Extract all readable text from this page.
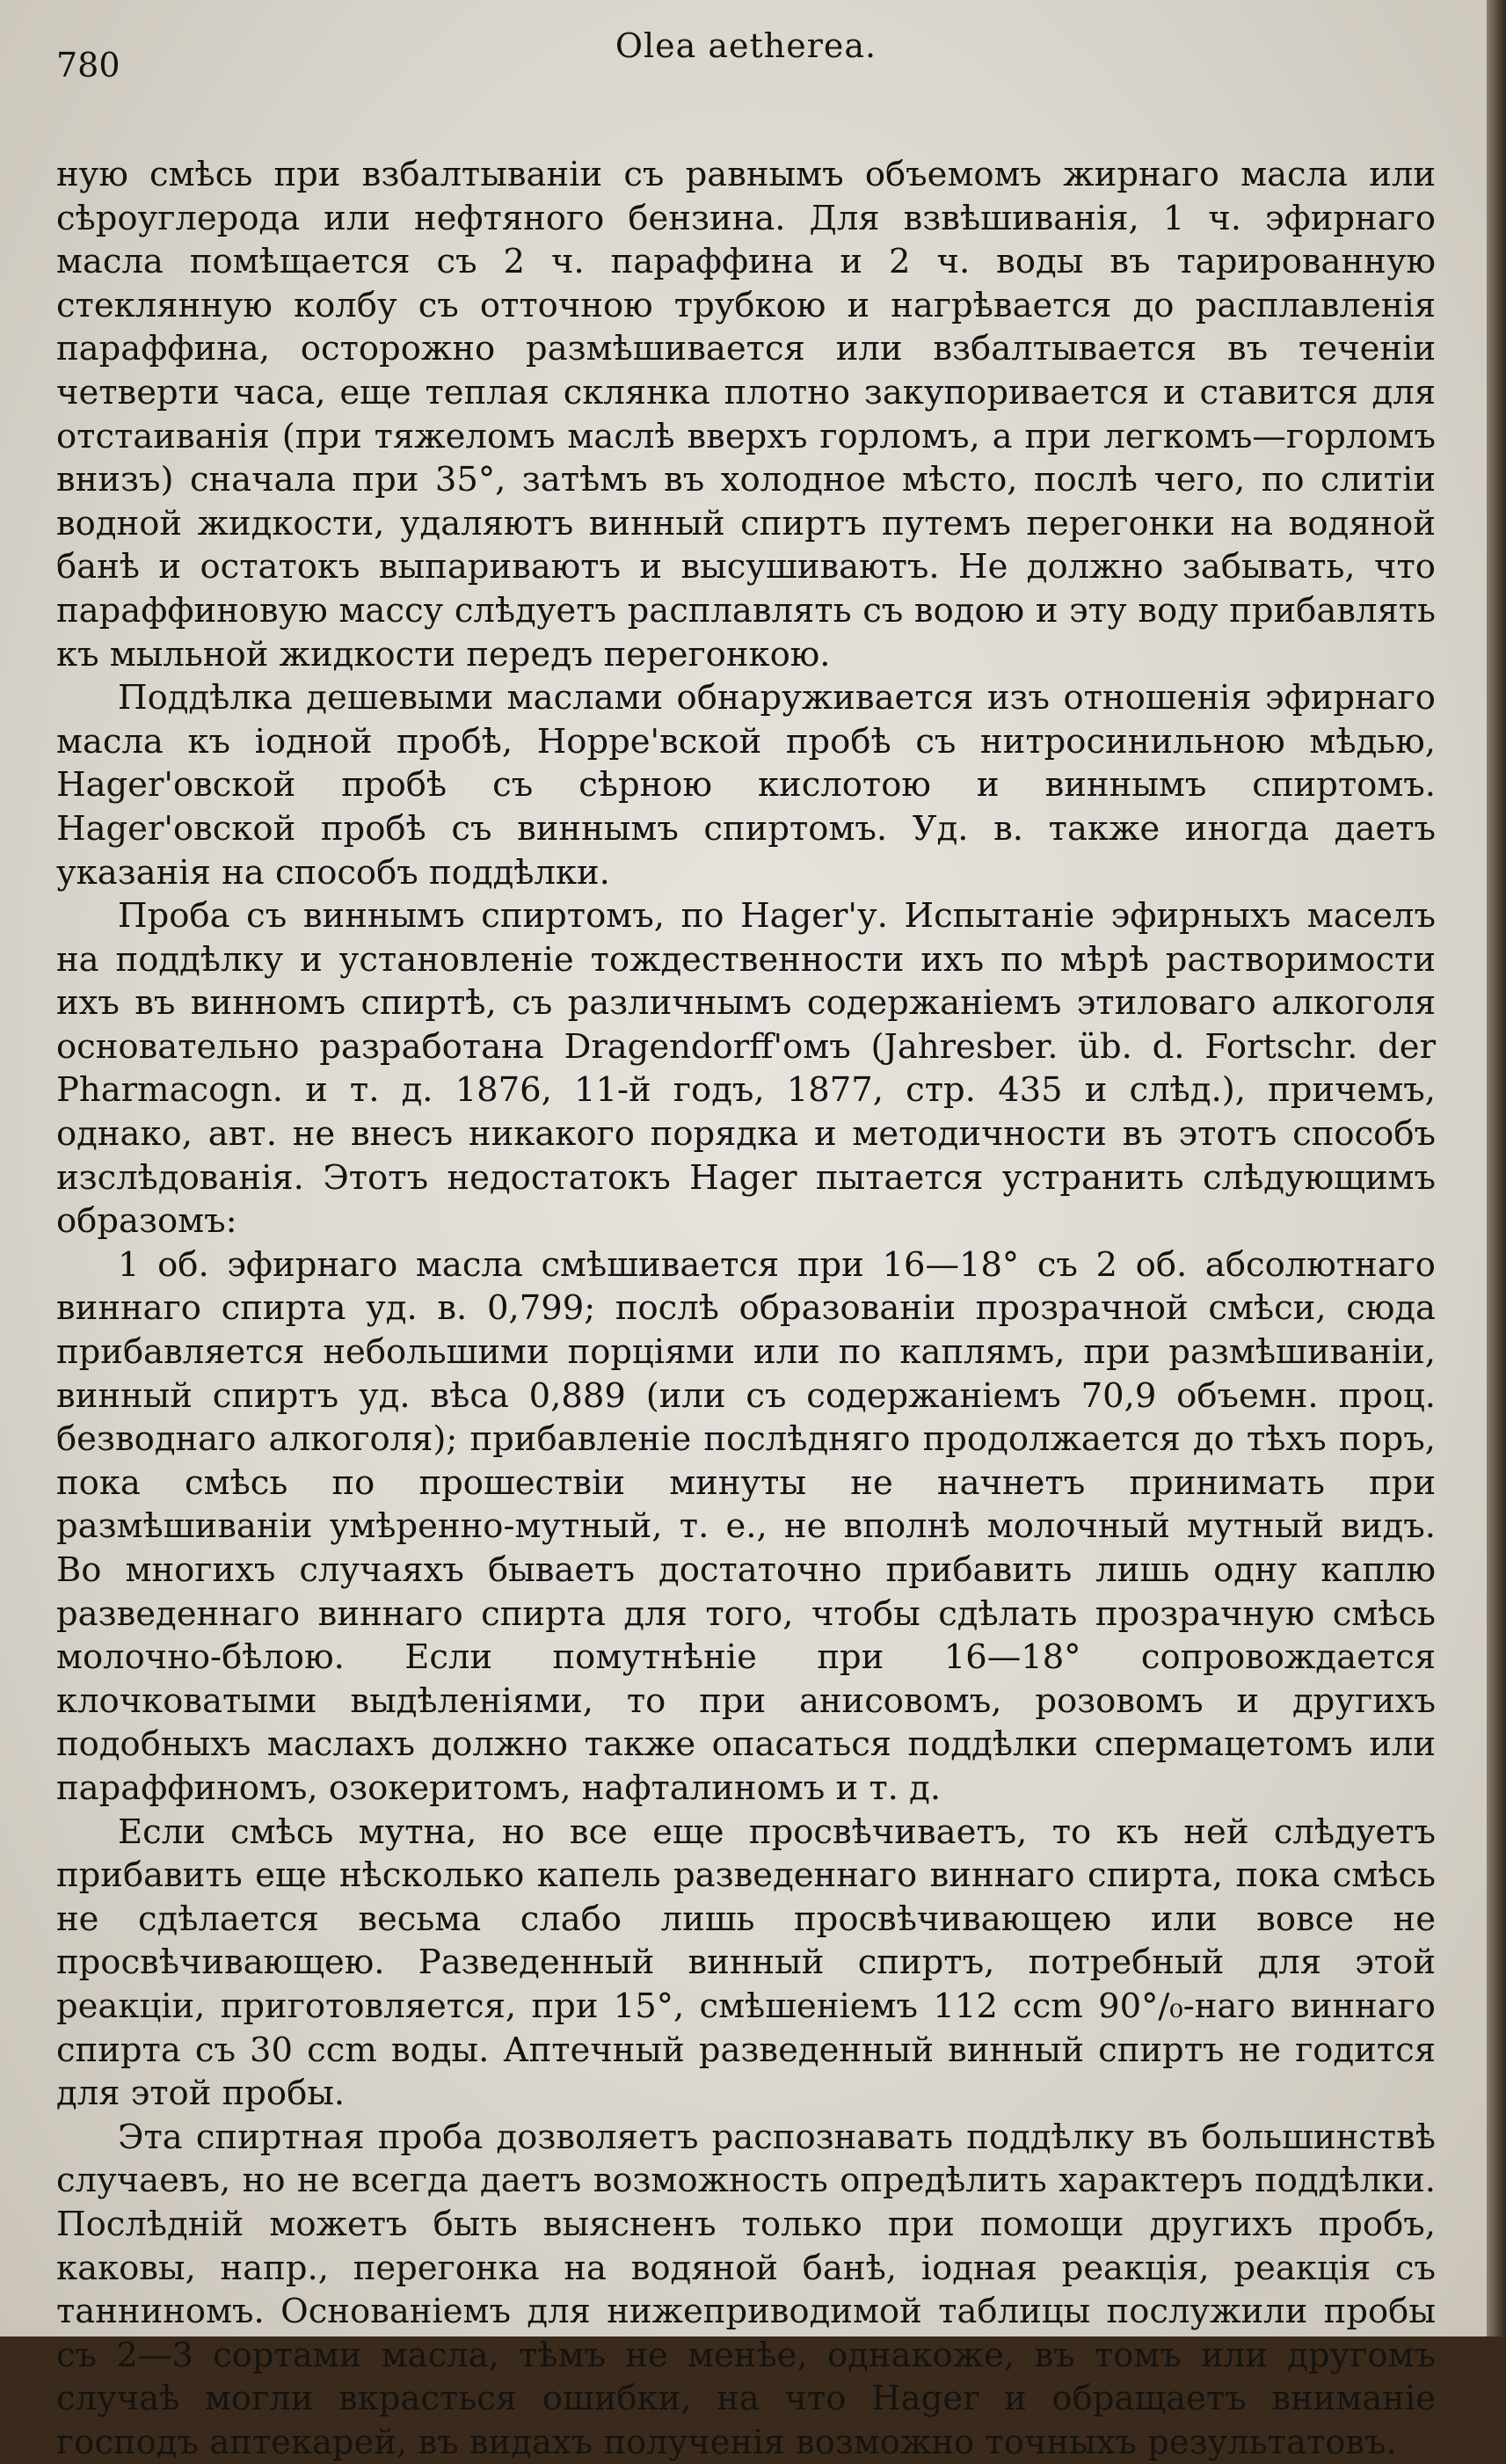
780	Olea aetherea.

ную смѣсь при взбалтываніи съ равнымъ объемомъ жирнаго масла или сѣроуглерода или нефтяного бензина. Для взвѣшиванія, 1 ч. эфирнаго масла помѣщается съ 2 ч. параффина и 2 ч. воды въ тарированную стеклянную колбу съ отточною трубкою и нагрѣвается до расплавленія параффина, осторожно размѣшивается или взбалтывается въ теченіи четверти часа, еще теплая склянка плотно закупоривается и ставится для отстаиванія (при тяжеломъ маслѣ вверхъ горломъ, а при легкомъ—горломъ внизъ) сначала при 35°, затѣмъ въ холодное мѣсто, послѣ чего, по слитіи водной жидкости, удаляютъ винный спиртъ путемъ перегонки на водяной банѣ и остатокъ выпариваютъ и высушиваютъ. Не должно забывать, что параффиновую массу слѣдуетъ расплавлять съ водою и эту воду прибавлять къ мыльной жидкости передъ перегонкою.

Поддѣлка дешевыми маслами обнаруживается изъ отношенія эфирнаго масла къ іодной пробѣ, Hoppe'вской пробѣ съ нитросинильною мѣдью, Hager'овской пробѣ съ сѣрною кислотою и виннымъ спиртомъ. Hager'овской пробѣ съ виннымъ спиртомъ. Уд. в. также иногда даетъ указанія на способъ поддѣлки.

Проба съ виннымъ спиртомъ, по Hager'у. Испытаніе эфирныхъ маселъ на поддѣлку и установленіе тождественности ихъ по мѣрѣ растворимости ихъ въ винномъ спиртѣ, съ различнымъ содержаніемъ этиловаго алкоголя основательно разработана Dragendorff'омъ (Jahresber. üb. d. Fortschr. der Pharmacogn. и т. д. 1876, 11-й годъ, 1877, стр. 435 и слѣд.), причемъ, однако, авт. не внесъ никакого порядка и методичности въ этотъ способъ изслѣдованія. Этотъ недостатокъ Hager пытается устранить слѣдующимъ образомъ:

1 об. эфирнаго масла смѣшивается при 16—18° съ 2 об. абсолютнаго виннаго спирта уд. в. 0,799; послѣ образованіи прозрачной смѣси, сюда прибавляется небольшими порціями или по каплямъ, при размѣшиваніи, винный спиртъ уд. вѣса 0,889 (или съ содержаніемъ 70,9 объемн. проц. безводнаго алкоголя); прибавленіе послѣдняго продолжается до тѣхъ поръ, пока смѣсь по прошествіи минуты не начнетъ принимать при размѣшиваніи умѣренно-мутный, т. е., не вполнѣ молочный мутный видъ. Во многихъ случаяхъ бываетъ достаточно прибавить лишь одну каплю разведеннаго виннаго спирта для того, чтобы сдѣлать прозрачную смѣсь молочно-бѣлою. Если помутнѣніе при 16—18° сопровождается клочковатыми выдѣленіями, то при анисовомъ, розовомъ и другихъ подобныхъ маслахъ должно также опасаться поддѣлки спермацетомъ или параффиномъ, озокеритомъ, нафталиномъ и т. д.

Если смѣсь мутна, но все еще просвѣчиваетъ, то къ ней слѣдуетъ прибавить еще нѣсколько капель разведеннаго виннаго спирта, пока смѣсь не сдѣлается весьма слабо лишь просвѣчивающею или вовсе не просвѣчивающею. Разведенный винный спиртъ, потребный для этой реакціи, приготовляется, при 15°, смѣшеніемъ 112 ccm 90°/₀-наго виннаго спирта съ 30 ccm воды. Аптечный разведенный винный спиртъ не годится для этой пробы.

Эта спиртная проба дозволяетъ распознавать поддѣлку въ большинствѣ случаевъ, но не всегда даетъ возможность опредѣлить характеръ поддѣлки. Послѣдній можетъ быть выясненъ только при помощи другихъ пробъ, каковы, напр., перегонка на водяной банѣ, іодная реакція, реакція съ танниномъ. Основаніемъ для нижеприводимой таблицы послужили пробы съ 2—3 сортами масла, тѣмъ не менѣе, однакоже, въ томъ или другомъ случаѣ могли вкрасться ошибки, на что Hager и обращаетъ вниманіе господъ аптекарей, въ видахъ полученія возможно точныхъ результатовъ.
